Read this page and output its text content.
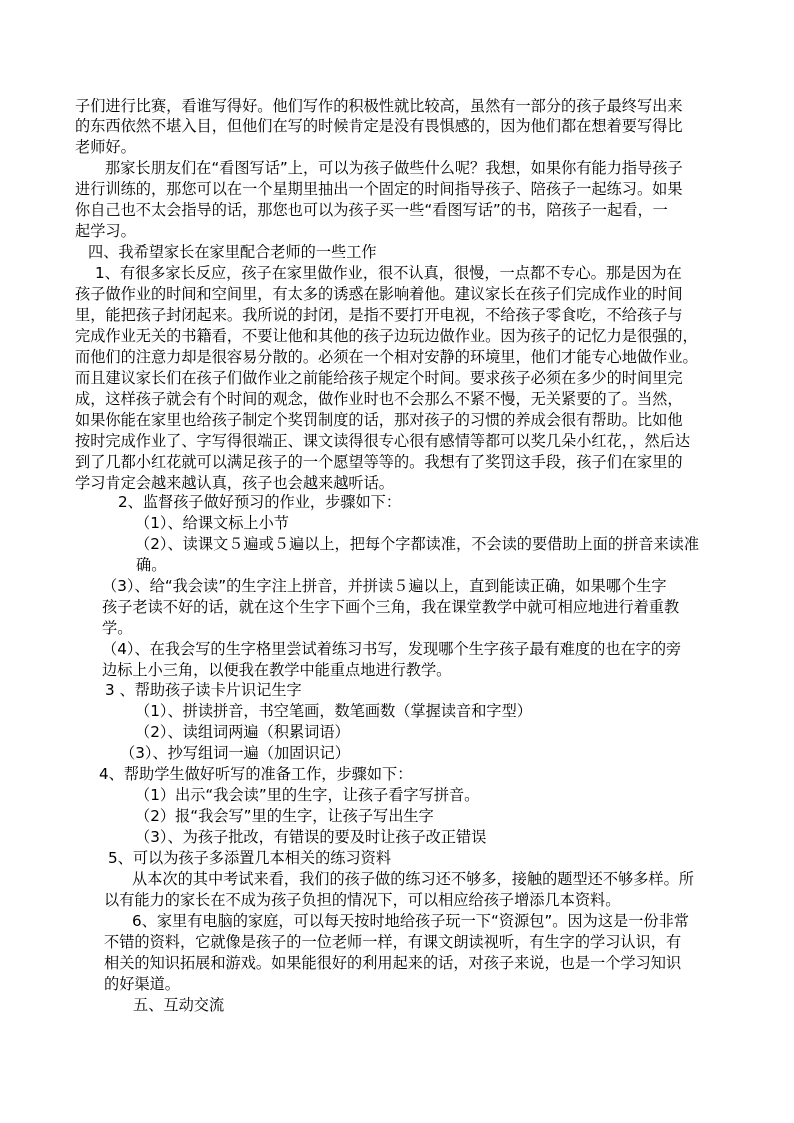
子们进行比赛，看谁写得好。他们写作的积极性就比较高，虽然有一部分的孩子最终写出来
的东西依然不堪入目，但他们在写的时候肯定是没有畏惧感的，因为他们都在想着要写得比
老师好。
那家长朋友们在“看图写话”上，可以为孩子做些什么呢？我想，如果你有能力指导孩子
进行训练的，那您可以在一个星期里抽出一个固定的时间指导孩子、陪孩子一起练习。如果
你自己也不太会指导的话，那您也可以为孩子买一些“看图写话”的书，陪孩子一起看，一
起学习。
四、我希望家长在家里配合老师的一些工作
1、有很多家长反应，孩子在家里做作业，很不认真，很慢，一点都不专心。那是因为在
孩子做作业的时间和空间里，有太多的诱惑在影响着他。建议家长在孩子们完成作业的时间
里，能把孩子封闭起来。我所说的封闭，是指不要打开电视，不给孩子零食吃，不给孩子与
完成作业无关的书籍看，不要让他和其他的孩子边玩边做作业。因为孩子的记忆力是很强的，
而他们的注意力却是很容易分散的。必须在一个相对安静的环境里，他们才能专心地做作业。
而且建议家长们在孩子们做作业之前能给孩子规定个时间。要求孩子必须在多少的时间里完
成，这样孩子就会有个时间的观念，做作业时也不会那么不紧不慢，无关紧要的了。当然，
如果你能在家里也给孩子制定个奖罚制度的话，那对孩子的习惯的养成会很有帮助。比如他
按时完成作业了、字写得很端正、课文读得很专心很有感情等都可以奖几朵小红花，，然后达
到了几都小红花就可以满足孩子的一个愿望等等的。我想有了奖罚这手段，孩子们在家里的
学习肯定会越来越认真，孩子也会越来越听话。
2、监督孩子做好预习的作业，步骤如下：
（1）、给课文标上小节
（2）、读课文５遍或５遍以上，把每个字都读准，不会读的要借助上面的拼音来读准
确。
（3）、给“我会读”的生字注上拼音，并拼读５遍以上，直到能读正确，如果哪个生字
孩子老读不好的话，就在这个生字下画个三角，我在课堂教学中就可相应地进行着重教
学。
（4）、在我会写的生字格里尝试着练习书写，发现哪个生字孩子最有难度的也在字的旁
边标上小三角，以便我在教学中能重点地进行教学。
3 、帮助孩子读卡片识记生字
（1）、拼读拼音，书空笔画，数笔画数（掌握读音和字型）
（2）、读组词两遍（积累词语）
（3）、抄写组词一遍（加固识记）
4、帮助学生做好听写的准备工作，步骤如下：
（1）出示“我会读”里的生字，让孩子看字写拼音。
（2）报“我会写”里的生字，让孩子写出生字
（3）、为孩子批改，有错误的要及时让孩子改正错误
5、可以为孩子多添置几本相关的练习资料
从本次的其中考试来看，我们的孩子做的练习还不够多，接触的题型还不够多样。所
以有能力的家长在不成为孩子负担的情况下，可以相应给孩子增添几本资料。
6、家里有电脑的家庭，可以每天按时地给孩子玩一下“资源包”。因为这是一份非常
不错的资料，它就像是孩子的一位老师一样，有课文朗读视听，有生字的学习认识，有
相关的知识拓展和游戏。如果能很好的利用起来的话，对孩子来说，也是一个学习知识
的好渠道。
五、互动交流
